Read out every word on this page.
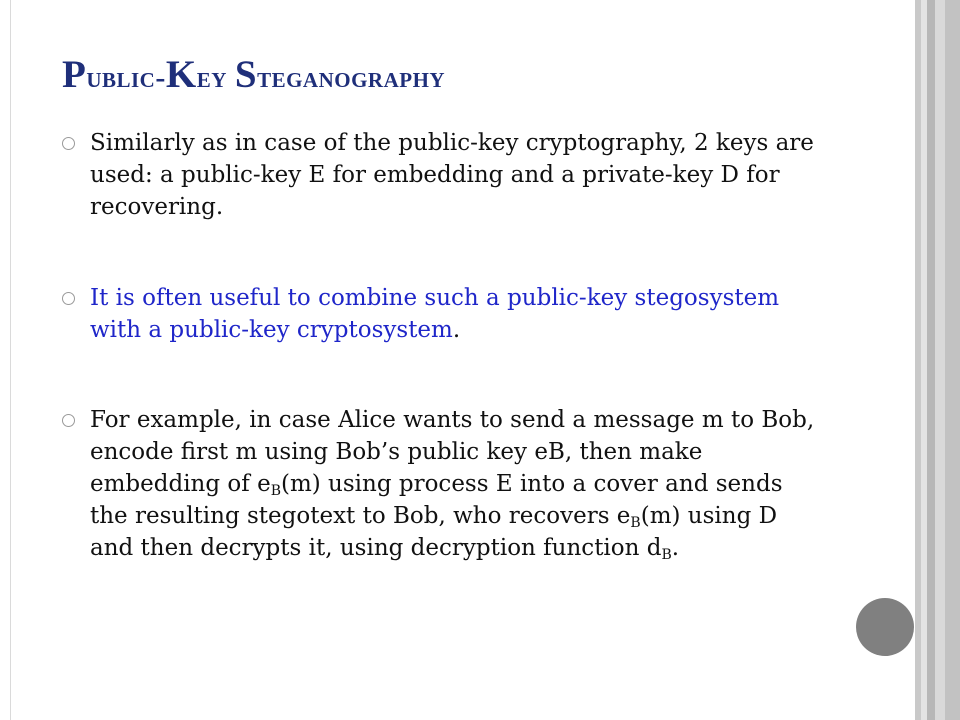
Public-Key Steganography
Similarly as in case of the public-key cryptography, 2 keys are used: a public-key E for embedding and a private-key D for recovering.
It is often useful to combine such a public-key stegosystem with a public-key cryptosystem.
For example, in case Alice wants to send a message m to Bob, encode first m using Bob’s public key eB, then make embedding of $e_B(m)$ using process E into a cover and sends the resulting stegotext to Bob, who recovers $e_B(m)$ using D and then decrypts it, using decryption function $d_B$.
